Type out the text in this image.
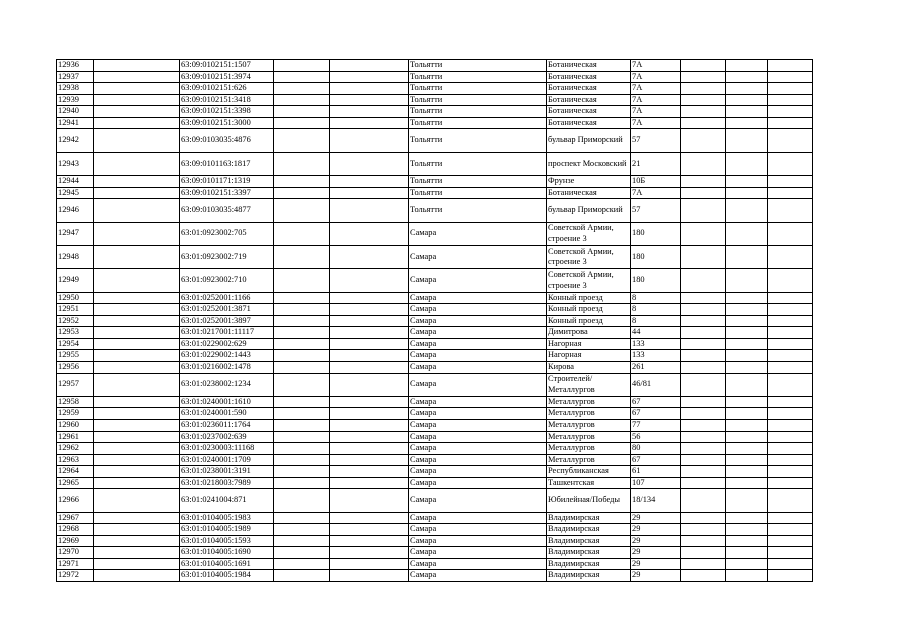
12936		63:09:0102151:1507			Тольятти	Ботаническая	7А			
12937		63:09:0102151:3974			Тольятти	Ботаническая	7А			
12938		63:09:0102151:626			Тольятти	Ботаническая	7А			
12939		63:09:0102151:3418			Тольятти	Ботаническая	7А			
12940		63:09:0102151:3398			Тольятти	Ботаническая	7А			
12941		63:09:0102151:3000			Тольятти	Ботаническая	7А			
12942		63:09:0103035:4876			Тольятти	бульвар Приморский	57			
12943		63:09:0101163:1817			Тольятти	проспект Московский	21			
12944		63:09:0101171:1319			Тольятти	Фрунзе	10Б			
12945		63:09:0102151:3397			Тольятти	Ботаническая	7А			
12946		63:09:0103035:4877			Тольятти	бульвар Приморский	57			
12947		63:01:0923002:705			Самара	Советской Армии, строение 3	180			
12948		63:01:0923002:719			Самара	Советской Армии, строение 3	180			
12949		63:01:0923002:710			Самара	Советской Армии, строение 3	180			
12950		63:01:0252001:1166			Самара	Конный проезд	8			
12951		63:01:0252001:3871			Самара	Конный проезд	8			
12952		63:01:0252001:3897			Самара	Конный проезд	8			
12953		63:01:0217001:11117			Самара	Димитрова	44			
12954		63:01:0229002:629			Самара	Нагорная	133			
12955		63:01:0229002:1443			Самара	Нагорная	133			
12956		63:01:0216002:1478			Самара	Кирова	261			
12957		63:01:0238002:1234			Самара	Строителей/Металлургов	46/81			
12958		63:01:0240001:1610			Самара	Металлургов	67			
12959		63:01:0240001:590			Самара	Металлургов	67			
12960		63:01:0236011:1764			Самара	Металлургов	77			
12961		63:01:0237002:639			Самара	Металлургов	56			
12962		63:01:0230003:11168			Самара	Металлургов	80			
12963		63:01:0240001:1709			Самара	Металлургов	67			
12964		63:01:0238001:3191			Самара	Республиканская	61			
12965		63:01:0218003:7989			Самара	Ташкентская	107			
12966		63:01:0241004:871			Самара	Юбилейная/Победы	18/134			
12967		63:01:0104005:1983			Самара	Владимирская	29			
12968		63:01:0104005:1989			Самара	Владимирская	29			
12969		63:01:0104005:1593			Самара	Владимирская	29			
12970		63:01:0104005:1690			Самара	Владимирская	29			
12971		63:01:0104005:1691			Самара	Владимирская	29			
12972		63:01:0104005:1984			Самара	Владимирская	29			
